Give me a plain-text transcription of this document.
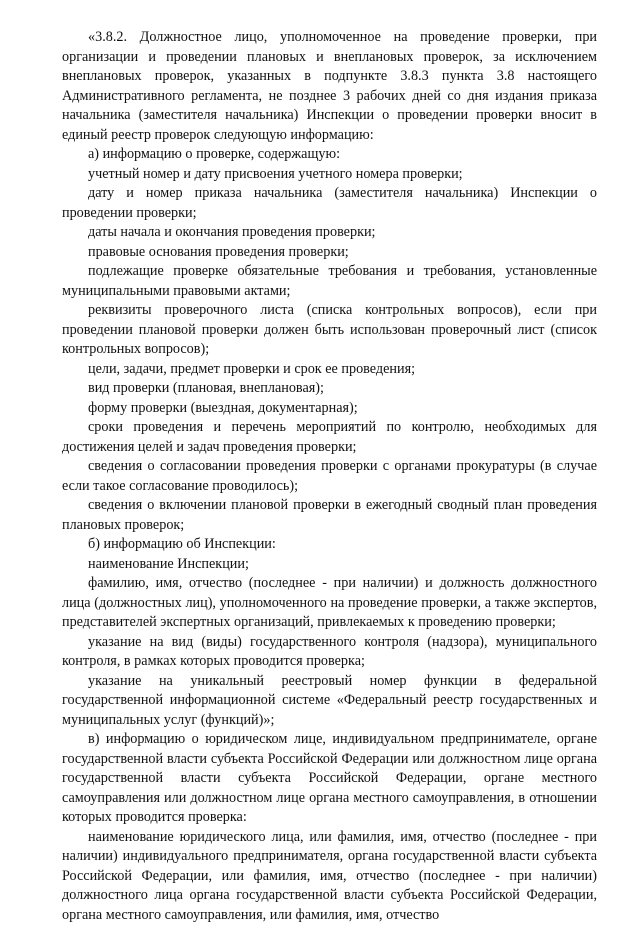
«3.8.2. Должностное лицо, уполномоченное на проведение проверки, при организации и проведении плановых и внеплановых проверок, за исключением внеплановых проверок, указанных в подпункте 3.8.3 пункта 3.8 настоящего Административного регламента, не позднее 3 рабочих дней со дня издания приказа начальника (заместителя начальника) Инспекции о проведении проверки вносит в единый реестр проверок следующую информацию:

а) информацию о проверке, содержащую:

учетный номер и дату присвоения учетного номера проверки;

дату и номер приказа начальника (заместителя начальника) Инспекции о проведении проверки;

даты начала и окончания проведения проверки;

правовые основания проведения проверки;

подлежащие проверке обязательные требования и требования, установленные муниципальными правовыми актами;

реквизиты проверочного листа (списка контрольных вопросов), если при проведении плановой проверки должен быть использован проверочный лист (список контрольных вопросов);

цели, задачи, предмет проверки и срок ее проведения;

вид проверки (плановая, внеплановая);

форму проверки (выездная, документарная);

сроки проведения и перечень мероприятий по контролю, необходимых для достижения целей и задач проведения проверки;

сведения о согласовании проведения проверки с органами прокуратуры (в случае если такое согласование проводилось);

сведения о включении плановой проверки в ежегодный сводный план проведения плановых проверок;

б) информацию об Инспекции:

наименование Инспекции;

фамилию, имя, отчество (последнее - при наличии) и должность должностного лица (должностных лиц), уполномоченного на проведение проверки, а также экспертов, представителей экспертных организаций, привлекаемых к проведению проверки;

указание на вид (виды) государственного контроля (надзора), муниципального контроля, в рамках которых проводится проверка;

указание на уникальный реестровый номер функции в федеральной государственной информационной системе «Федеральный реестр государственных и муниципальных услуг (функций)»;

в) информацию о юридическом лице, индивидуальном предпринимателе, органе государственной власти субъекта Российской Федерации или должностном лице органа государственной власти субъекта Российской Федерации, органе местного самоуправления или должностном лице органа местного самоуправления, в отношении которых проводится проверка:

наименование юридического лица, или фамилия, имя, отчество (последнее - при наличии) индивидуального предпринимателя, органа государственной власти субъекта Российской Федерации, или фамилия, имя, отчество (последнее - при наличии) должностного лица органа государственной власти субъекта Российской Федерации, органа местного самоуправления, или фамилия, имя, отчество
